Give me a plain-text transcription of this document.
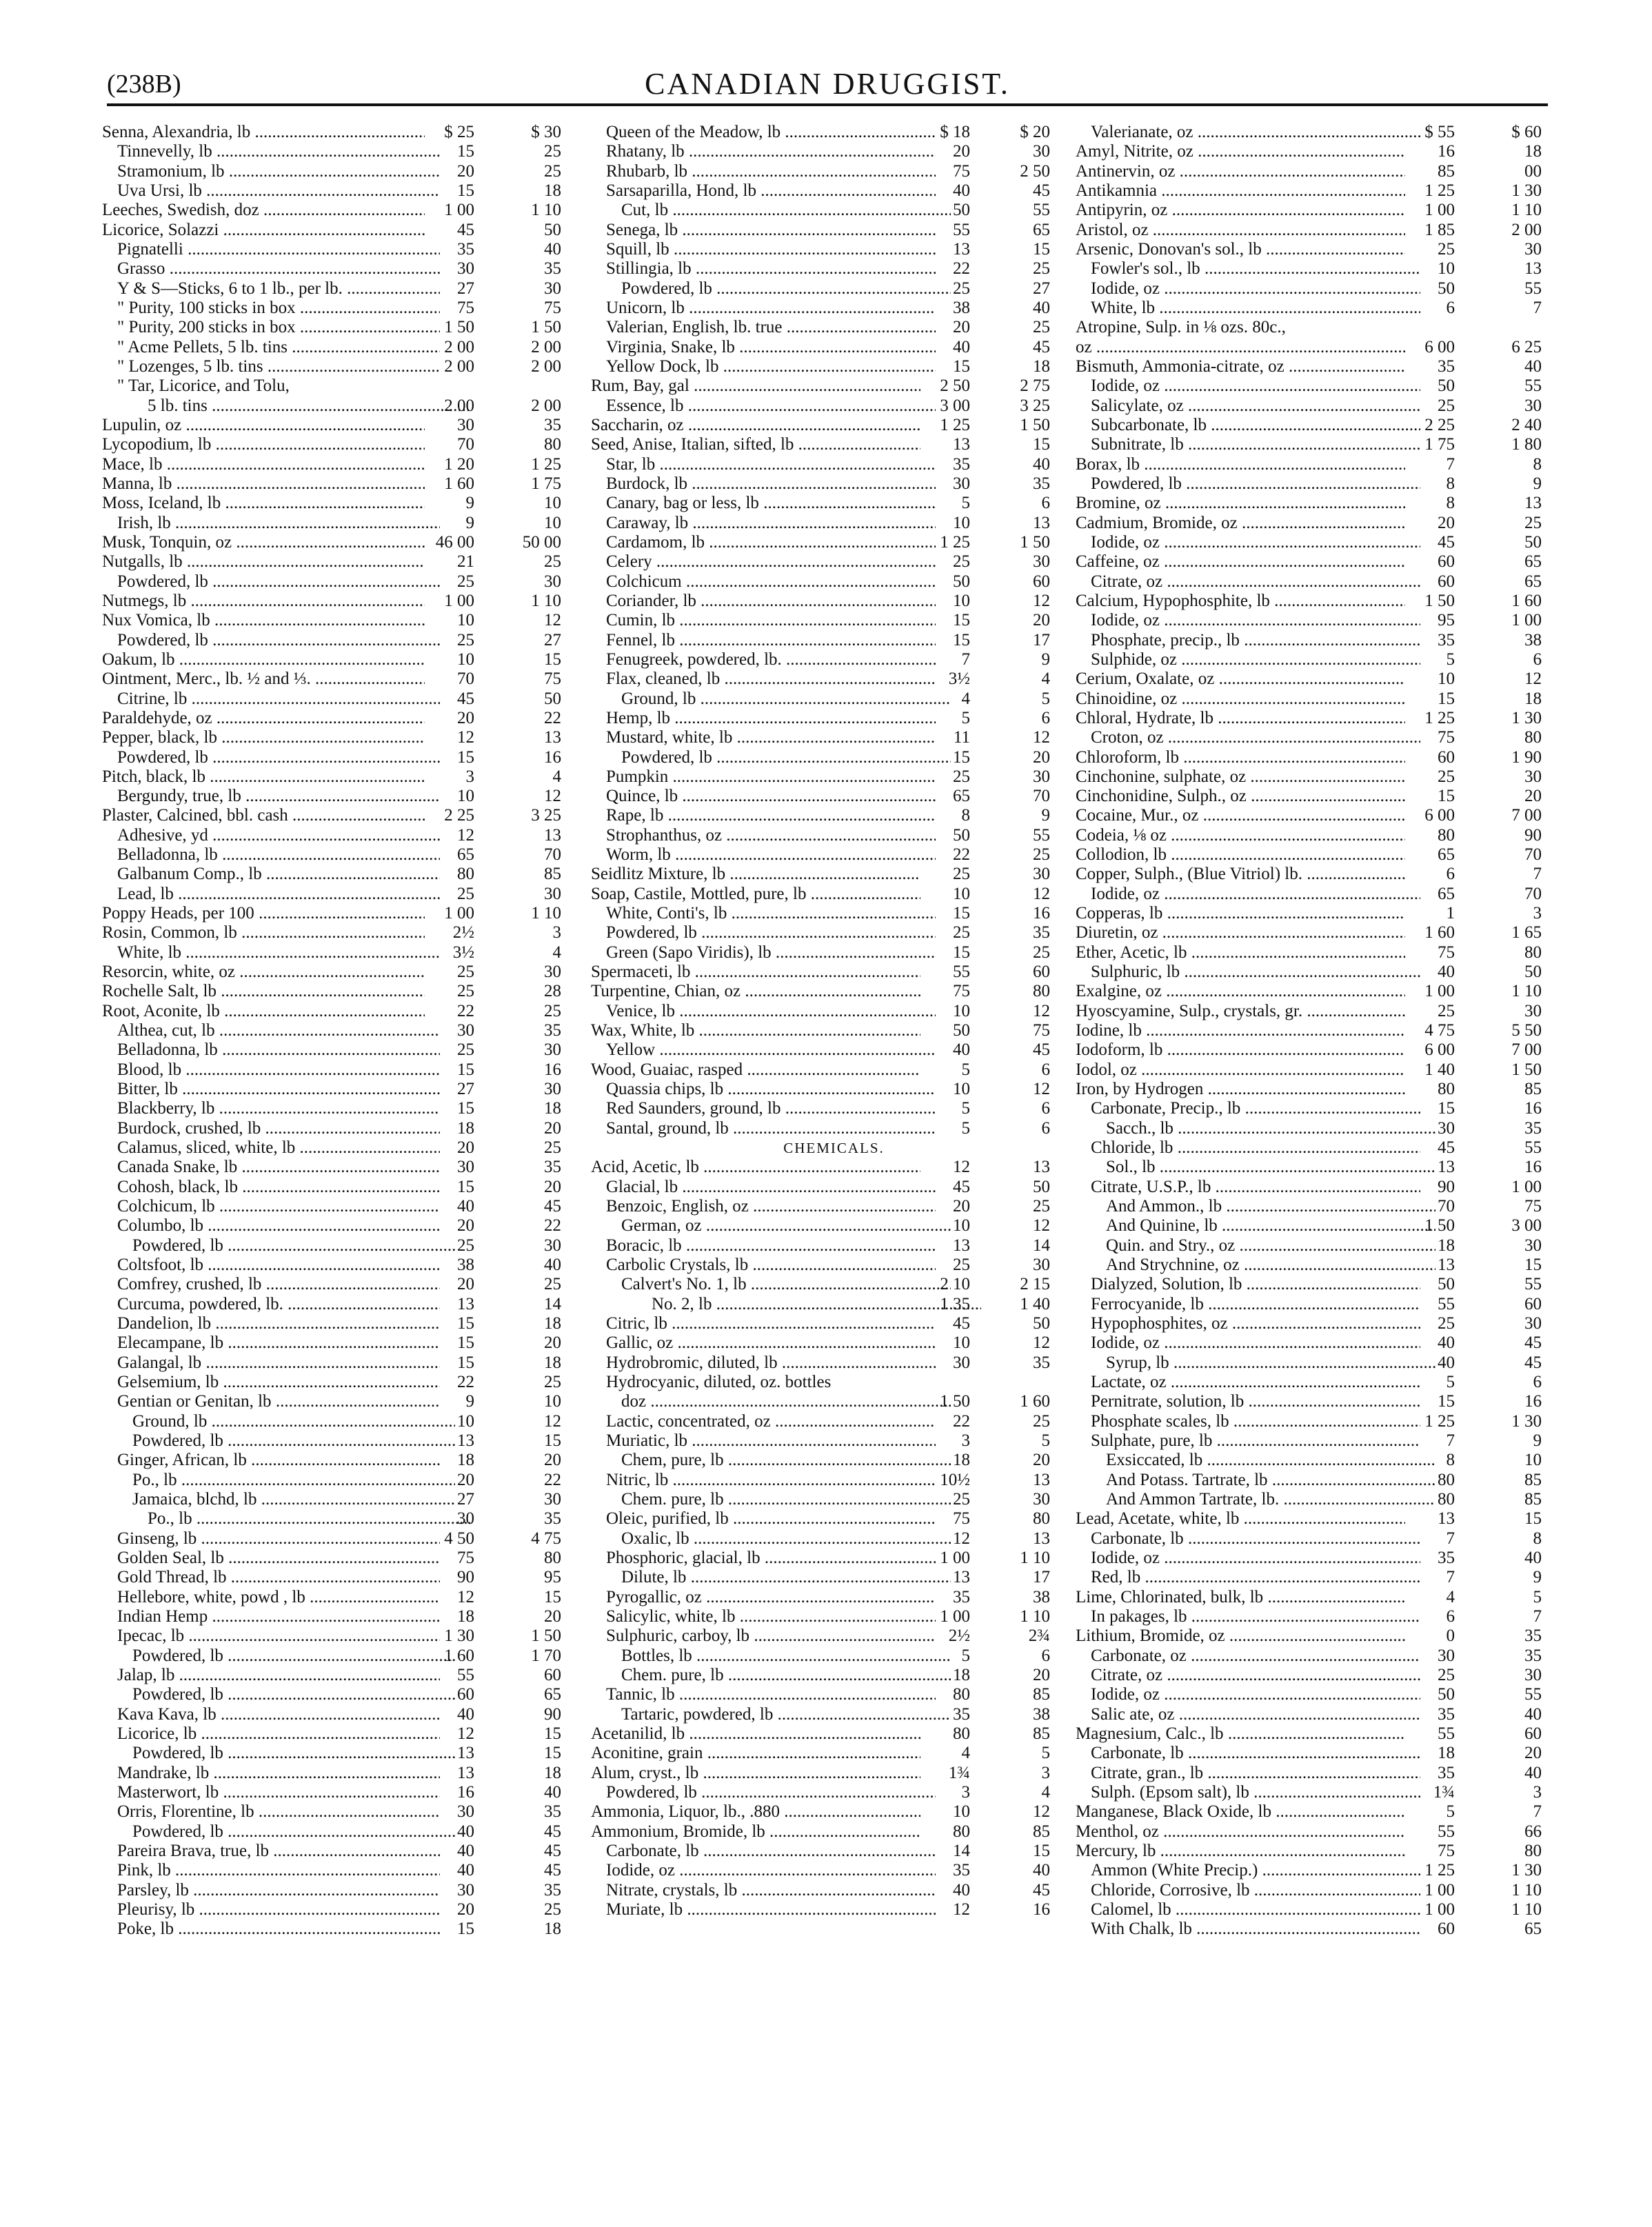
(238B)	CANADIAN DRUGGIST.
Senna, Alexandria, lb .....	$ 25	$ 30
Tinnevelly, lb .....	15	25
Stramonium, lb .....	20	25
Uva Ursi, lb .....	15	18
Leeches, Swedish, doz .....	1 00	1 10
Licorice, Solazzi .....	45	50
Pignatelli .....	35	40
Grasso .....	30	35
Y & S—Sticks, 6 to 1 lb., per lb. .....	27	30
" Purity, 100 sticks in box .....	75	75
" Purity, 200 sticks in box .....	1 50	1 50
" Acme Pellets, 5 lb. tins .....	2 00	2 00
" Lozenges, 5 lb. tins .....	2 00	2 00
" Tar, Licorice, and Tolu,
5 lb. tins .....	2 00	2 00
Lupulin, oz .....	30	35
Lycopodium, lb .....	70	80
Mace, lb .....	1 20	1 25
Manna, lb .....	1 60	1 75
Moss, Iceland, lb .....	9	10
Irish, lb .....	9	10
Musk, Tonquin, oz .....	46 00	50 00
Nutgalls, lb .....	21	25
Powdered, lb .....	25	30
Nutmegs, lb .....	1 00	1 10
Nux Vomica, lb .....	10	12
Powdered, lb .....	25	27
Oakum, lb .....	10	15
Ointment, Merc., lb. ½ and ⅓. .....	70	75
Citrine, lb .....	45	50
Paraldehyde, oz .....	20	22
Pepper, black, lb .....	12	13
Powdered, lb .....	15	16
Pitch, black, lb .....	3	4
Bergundy, true, lb .....	10	12
Plaster, Calcined, bbl. cash .....	2 25	3 25
Adhesive, yd .....	12	13
Belladonna, lb .....	65	70
Galbanum Comp., lb .....	80	85
Lead, lb .....	25	30
Poppy Heads, per 100 .....	1 00	1 10
Rosin, Common, lb .....	2½	3
White, lb .....	3½	4
Resorcin, white, oz .....	25	30
Rochelle Salt, lb .....	25	28
Root, Aconite, lb .....	22	25
Althea, cut, lb .....	30	35
Belladonna, lb .....	25	30
Blood, lb .....	15	16
Bitter, lb .....	27	30
Blackberry, lb .....	15	18
Burdock, crushed, lb .....	18	20
Calamus, sliced, white, lb .....	20	25
Canada Snake, lb .....	30	35
Cohosh, black, lb .....	15	20
Colchicum, lb .....	40	45
Columbo, lb .....	20	22
Powdered, lb .....	25	30
Coltsfoot, lb .....	38	40
Comfrey, crushed, lb .....	20	25
Curcuma, powdered, lb. .....	13	14
Dandelion, lb .....	15	18
Elecampane, lb .....	15	20
Galangal, lb .....	15	18
Gelsemium, lb .....	22	25
Gentian or Genitan, lb .....	9	10
Ground, lb .....	10	12
Powdered, lb .....	13	15
Ginger, African, lb .....	18	20
Po., lb .....	20	22
Jamaica, blchd, lb .....	27	30
Po., lb .....	30	35
Ginseng, lb .....	4 50	4 75
Golden Seal, lb .....	75	80
Gold Thread, lb .....	90	95
Hellebore, white, powd , lb .....	12	15
Indian Hemp .....	18	20
Ipecac, lb .....	1 30	1 50
Powdered, lb .....	1 60	1 70
Jalap, lb .....	55	60
Powdered, lb .....	60	65
Kava Kava, lb .....	40	90
Licorice, lb .....	12	15
Powdered, lb .....	13	15
Mandrake, lb .....	13	18
Masterwort, lb .....	16	40
Orris, Florentine, lb .....	30	35
Powdered, lb .....	40	45
Pareira Brava, true, lb .....	40	45
Pink, lb .....	40	45
Parsley, lb .....	30	35
Pleurisy, lb .....	20	25
Poke, lb .....	15	18
Queen of the Meadow, lb .....	$ 18	$ 20
Rhatany, lb .....	20	30
Rhubarb, lb .....	75	2 50
Sarsaparilla, Hond, lb .....	40	45
Cut, lb .....	50	55
Senega, lb .....	55	65
Squill, lb .....	13	15
Stillingia, lb .....	22	25
Powdered, lb .....	25	27
Unicorn, lb .....	38	40
Valerian, English, lb. true .....	20	25
Virginia, Snake, lb .....	40	45
Yellow Dock, lb .....	15	18
Rum, Bay, gal .....	2 50	2 75
Essence, lb .....	3 00	3 25
Saccharin, oz .....	1 25	1 50
Seed, Anise, Italian, sifted, lb .....	13	15
Star, lb .....	35	40
Burdock, lb .....	30	35
Canary, bag or less, lb .....	5	6
Caraway, lb .....	10	13
Cardamom, lb .....	1 25	1 50
Celery .....	25	30
Colchicum .....	50	60
Coriander, lb .....	10	12
Cumin, lb .....	15	20
Fennel, lb .....	15	17
Fenugreek, powdered, lb. .....	7	9
Flax, cleaned, lb .....	3½	4
Ground, lb .....	4	5
Hemp, lb .....	5	6
Mustard, white, lb .....	11	12
Powdered, lb .....	15	20
Pumpkin .....	25	30
Quince, lb .....	65	70
Rape, lb .....	8	9
Strophanthus, oz .....	50	55
Worm, lb .....	22	25
Seidlitz Mixture, lb .....	25	30
Soap, Castile, Mottled, pure, lb .....	10	12
White, Conti's, lb .....	15	16
Powdered, lb .....	25	35
Green (Sapo Viridis), lb .....	15	25
Spermaceti, lb .....	55	60
Turpentine, Chian, oz .....	75	80
Venice, lb .....	10	12
Wax, White, lb .....	50	75
Yellow .....	40	45
Wood, Guaiac, rasped .....	5	6
Quassia chips, lb .....	10	12
Red Saunders, ground, lb .....	5	6
Santal, ground, lb .....	5	6
CHEMICALS.
Acid, Acetic, lb .....	12	13
Glacial, lb .....	45	50
Benzoic, English, oz .....	20	25
German, oz .....	10	12
Boracic, lb .....	13	14
Carbolic Crystals, lb .....	25	30
Calvert's No. 1, lb .....	2 10	2 15
No. 2, lb .....	1 35	1 40
Citric, lb .....	45	50
Gallic, oz .....	10	12
Hydrobromic, diluted, lb .....	30	35
Hydrocyanic, diluted, oz. bottles
doz .....	1 50	1 60
Lactic, concentrated, oz .....	22	25
Muriatic, lb .....	3	5
Chem, pure, lb .....	18	20
Nitric, lb .....	10½	13
Chem. pure, lb .....	25	30
Oleic, purified, lb .....	75	80
Oxalic, lb .....	12	13
Phosphoric, glacial, lb .....	1 00	1 10
Dilute, lb .....	13	17
Pyrogallic, oz .....	35	38
Salicylic, white, lb .....	1 00	1 10
Sulphuric, carboy, lb .....	2½	2¾
Bottles, lb .....	5	6
Chem. pure, lb .....	18	20
Tannic, lb .....	80	85
Tartaric, powdered, lb .....	35	38
Acetanilid, lb .....	80	85
Aconitine, grain .....	4	5
Alum, cryst., lb .....	1¾	3
Powdered, lb .....	3	4
Ammonia, Liquor, lb., .880 .....	10	12
Ammonium, Bromide, lb .....	80	85
Carbonate, lb .....	14	15
Iodide, oz .....	35	40
Nitrate, crystals, lb .....	40	45
Muriate, lb .....	12	16
Valerianate, oz .....	$ 55	$ 60
Amyl, Nitrite, oz .....	16	18
Antinervin, oz .....	85	00
Antikamnia .....	1 25	1 30
Antipyrin, oz .....	1 00	1 10
Aristol, oz .....	1 85	2 00
Arsenic, Donovan's sol., lb .....	25	30
Fowler's sol., lb .....	10	13
Iodide, oz .....	50	55
White, lb .....	6	7
Atropine, Sulp. in ⅛ ozs. 80c.,
oz .....	6 00	6 25
Bismuth, Ammonia-citrate, oz .....	35	40
Iodide, oz .....	50	55
Salicylate, oz .....	25	30
Subcarbonate, lb .....	2 25	2 40
Subnitrate, lb .....	1 75	1 80
Borax, lb .....	7	8
Powdered, lb .....	8	9
Bromine, oz .....	8	13
Cadmium, Bromide, oz .....	20	25
Iodide, oz .....	45	50
Caffeine, oz .....	60	65
Citrate, oz .....	60	65
Calcium, Hypophosphite, lb .....	1 50	1 60
Iodide, oz .....	95	1 00
Phosphate, precip., lb .....	35	38
Sulphide, oz .....	5	6
Cerium, Oxalate, oz .....	10	12
Chinoidine, oz .....	15	18
Chloral, Hydrate, lb .....	1 25	1 30
Croton, oz .....	75	80
Chloroform, lb .....	60	1 90
Cinchonine, sulphate, oz .....	25	30
Cinchonidine, Sulph., oz .....	15	20
Cocaine, Mur., oz .....	6 00	7 00
Codeia, ⅛ oz .....	80	90
Collodion, lb .....	65	70
Copper, Sulph., (Blue Vitriol) lb. .....	6	7
Iodide, oz .....	65	70
Copperas, lb .....	1	3
Diuretin, oz .....	1 60	1 65
Ether, Acetic, lb .....	75	80
Sulphuric, lb .....	40	50
Exalgine, oz .....	1 00	1 10
Hyoscyamine, Sulp., crystals, gr. .....	25	30
Iodine, lb .....	4 75	5 50
Iodoform, lb .....	6 00	7 00
Iodol, oz .....	1 40	1 50
Iron, by Hydrogen .....	80	85
Carbonate, Precip., lb .....	15	16
Sacch., lb .....	30	35
Chloride, lb .....	45	55
Sol., lb .....	13	16
Citrate, U.S.P., lb .....	90	1 00
And Ammon., lb .....	70	75
And Quinine, lb .....	1 50	3 00
Quin. and Stry., oz .....	18	30
And Strychnine, oz .....	13	15
Dialyzed, Solution, lb .....	50	55
Ferrocyanide, lb .....	55	60
Hypophosphites, oz .....	25	30
Iodide, oz .....	40	45
Syrup, lb .....	40	45
Lactate, oz .....	5	6
Pernitrate, solution, lb .....	15	16
Phosphate scales, lb .....	1 25	1 30
Sulphate, pure, lb .....	7	9
Exsiccated, lb .....	8	10
And Potass. Tartrate, lb .....	80	85
And Ammon Tartrate, lb. .....	80	85
Lead, Acetate, white, lb .....	13	15
Carbonate, lb .....	7	8
Iodide, oz .....	35	40
Red, lb .....	7	9
Lime, Chlorinated, bulk, lb .....	4	5
In pakages, lb .....	6	7
Lithium, Bromide, oz .....	0	35
Carbonate, oz .....	30	35
Citrate, oz .....	25	30
Iodide, oz .....	50	55
Salic ate, oz .....	35	40
Magnesium, Calc., lb .....	55	60
Carbonate, lb .....	18	20
Citrate, gran., lb .....	35	40
Sulph. (Epsom salt), lb .....	1¾	3
Manganese, Black Oxide, lb .....	5	7
Menthol, oz .....	55	66
Mercury, lb .....	75	80
Ammon (White Precip.) .....	1 25	1 30
Chloride, Corrosive, lb .....	1 00	1 10
Calomel, lb .....	1 00	1 10
With Chalk, lb .....	60	65
